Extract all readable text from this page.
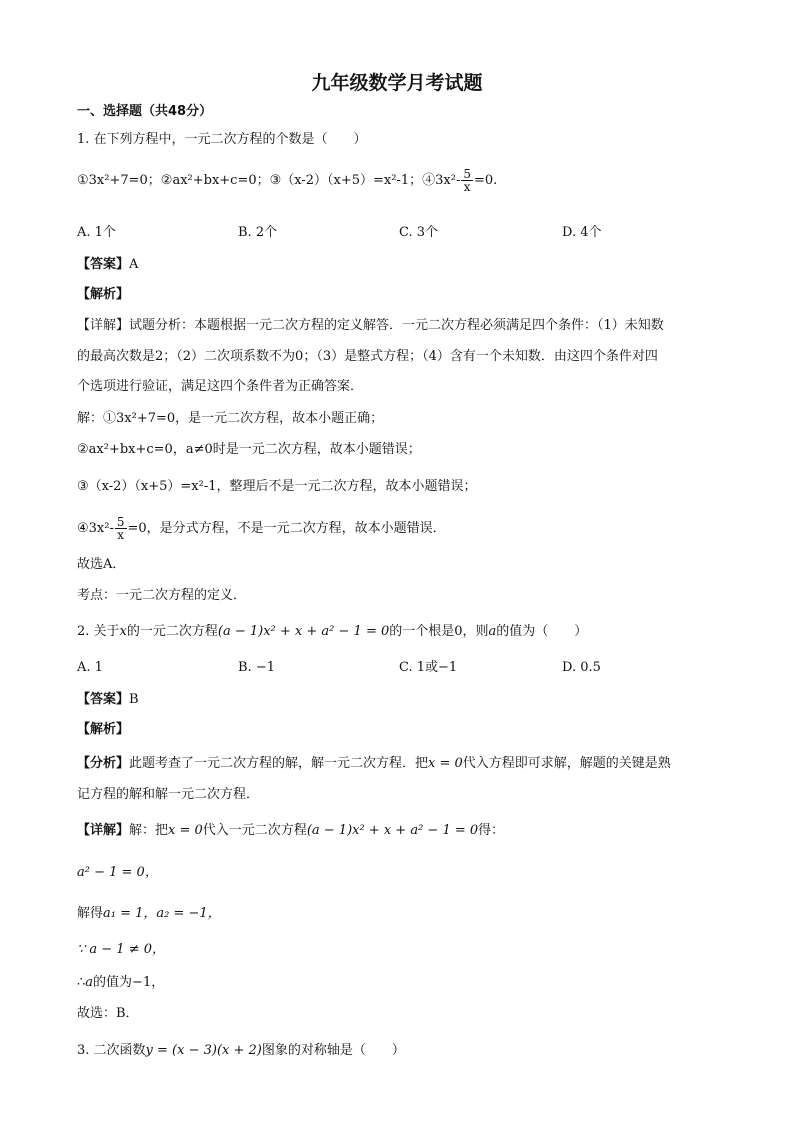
九年级数学月考试题
一、选择题（共48分）
1. 在下列方程中，一元二次方程的个数是（　　）
①3x²+7=0；②ax²+bx+c=0；③（x-2）（x+5）=x²-1；④3x²- $\frac{5}{x} =0$.
A. 1个	B. 2个	C. 3个	D. 4个
【答案】A
【解析】
【详解】试题分析：本题根据一元二次方程的定义解答．一元二次方程必须满足四个条件：（1）未知数
的最高次数是2；（2）二次项系数不为0；（3）是整式方程；（4）含有一个未知数．由这四个条件对四
个选项进行验证，满足这四个条件者为正确答案．
解：①3x²+7=0，是一元二次方程，故本小题正确；
②ax²+bx+c=0，a≠0时是一元二次方程，故本小题错误；
③（x-2）（x+5）=x²-1，整理后不是一元二次方程，故本小题错误；
④3x²- $\frac{5}{x} =0$，是分式方程，不是一元二次方程，故本小题错误．
故选A．
考点：一元二次方程的定义．
2. 关于x的一元二次方程(a − 1)x² + x + a² − 1 = 0的一个根是0，则a的值为（　　）
A. 1	B. −1	C. 1或−1	D. 0.5
【答案】B
【解析】
【分析】此题考查了一元二次方程的解，解一元二次方程．把x = 0代入方程即可求解，解题的关键是熟
记方程的解和解一元二次方程．
【详解】解：把x = 0代入一元二次方程(a − 1)x² + x + a² − 1 = 0得：
a² − 1 = 0，
解得a₁ = 1，a₂ = −1，
∵ a − 1 ≠ 0，
∴a的值为−1，
故选：B．
3. 二次函数y = (x − 3)(x + 2)图象的对称轴是（　　）
